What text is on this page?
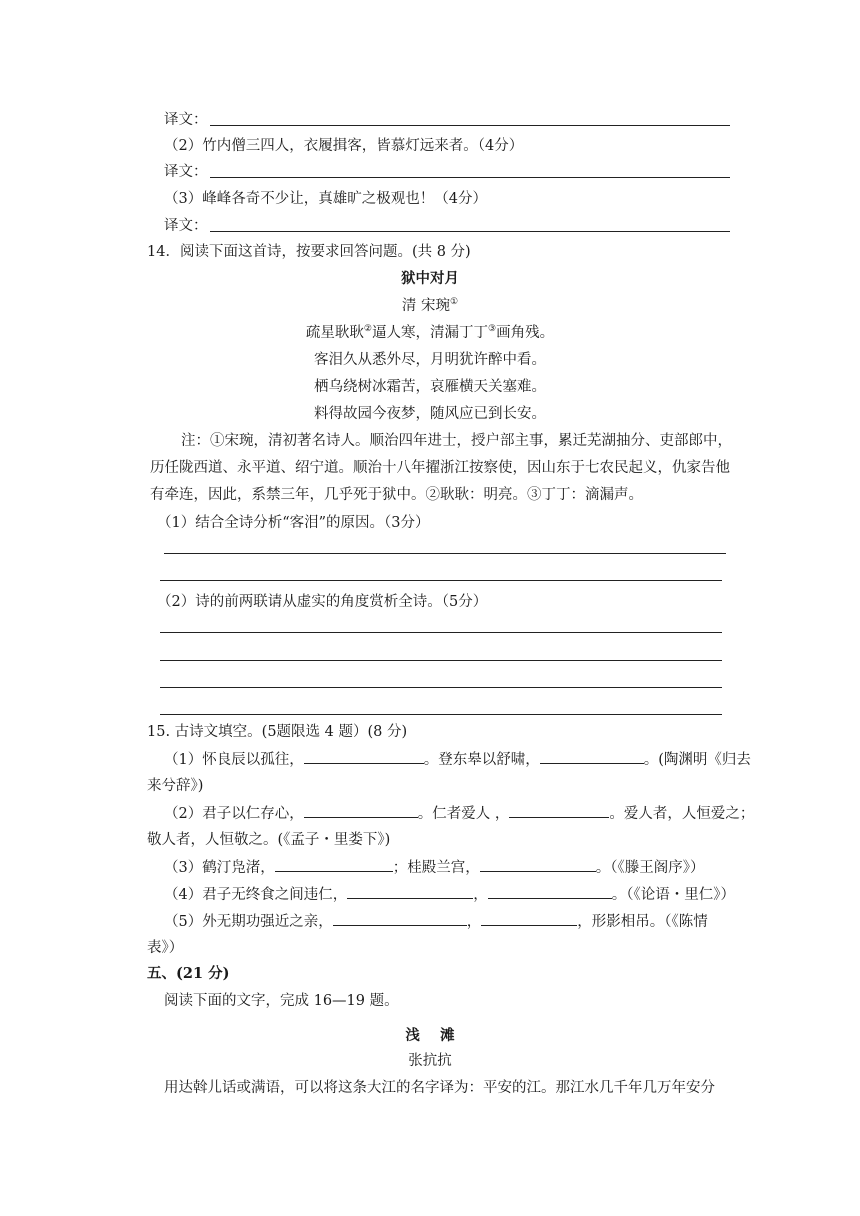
译文：
（2）竹内僧三四人，衣履揖客，皆慕灯远来者。（4分）
译文：
（3）峰峰各奇不少让，真雄旷之极观也！（4分）
译文：
14．阅读下面这首诗，按要求回答问题。(共 8 分)
狱中对月
清 宋琬①
疏星耿耿②逼人寒，清漏丁丁③画角残。
客泪久从悉外尽，月明犹许醉中看。
栖乌绕树冰霜苦，哀雁横天关塞难。
料得故园今夜梦，随风应已到长安。
注：①宋琬，清初著名诗人。顺治四年进士，授户部主事，累迁芜湖抽分、吏部郎中，
历任陇西道、永平道、绍宁道。顺治十八年擢浙江按察使，因山东于七农民起义，仇家告他
有牵连，因此，系禁三年，几乎死于狱中。②耿耿：明亮。③丁丁：滴漏声。
（1）结合全诗分析“客泪”的原因。（3分）
（2）诗的前两联请从虚实的角度赏析全诗。（5分）
15. 古诗文填空。(5题限选 4 题）(8 分)
（1）怀良辰以孤往，	。登东皋以舒啸，	。(陶渊明《归去
来兮辞》)
（2）君子以仁存心，	。仁者爱人 ，	。爱人者，人恒爱之；
敬人者，人恒敬之。(《孟子・里娄下》)
（3）鹤汀凫渚，	；桂殿兰宫，	。（《滕王阁序》）
（4）君子无终食之间违仁，	，	。（《论语・里仁》）
（5）外无期功强近之亲，	，	，形影相吊。（《陈情
表》）
五、(21 分)
阅读下面的文字，完成 16—19 题。
浅    滩
张抗抗
用达斡儿话或满语，可以将这条大江的名字译为：平安的江。那江水几千年几万年安分
